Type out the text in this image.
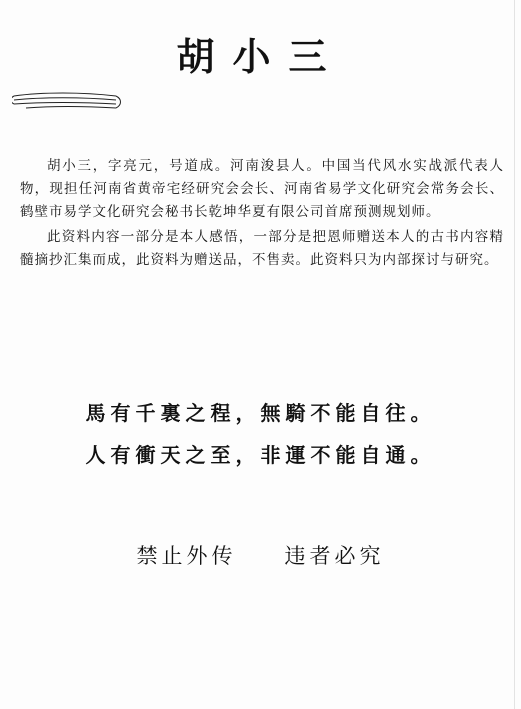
胡小三

胡小三，字亮元，号道成。河南浚县人。中国当代风水实战派代表人物，现担任河南省黄帝宅经研究会会长、河南省易学文化研究会常务会长、鹤壁市易学文化研究会秘书长乾坤华夏有限公司首席预测规划师。

此资料内容一部分是本人感悟，一部分是把恩师赠送本人的古书内容精髓摘抄汇集而成，此资料为赠送品，不售卖。此资料只为内部探讨与研究。

馬有千裏之程，無騎不能自往。
人有衝天之至，非運不能自通。
禁止外传 违者必究
